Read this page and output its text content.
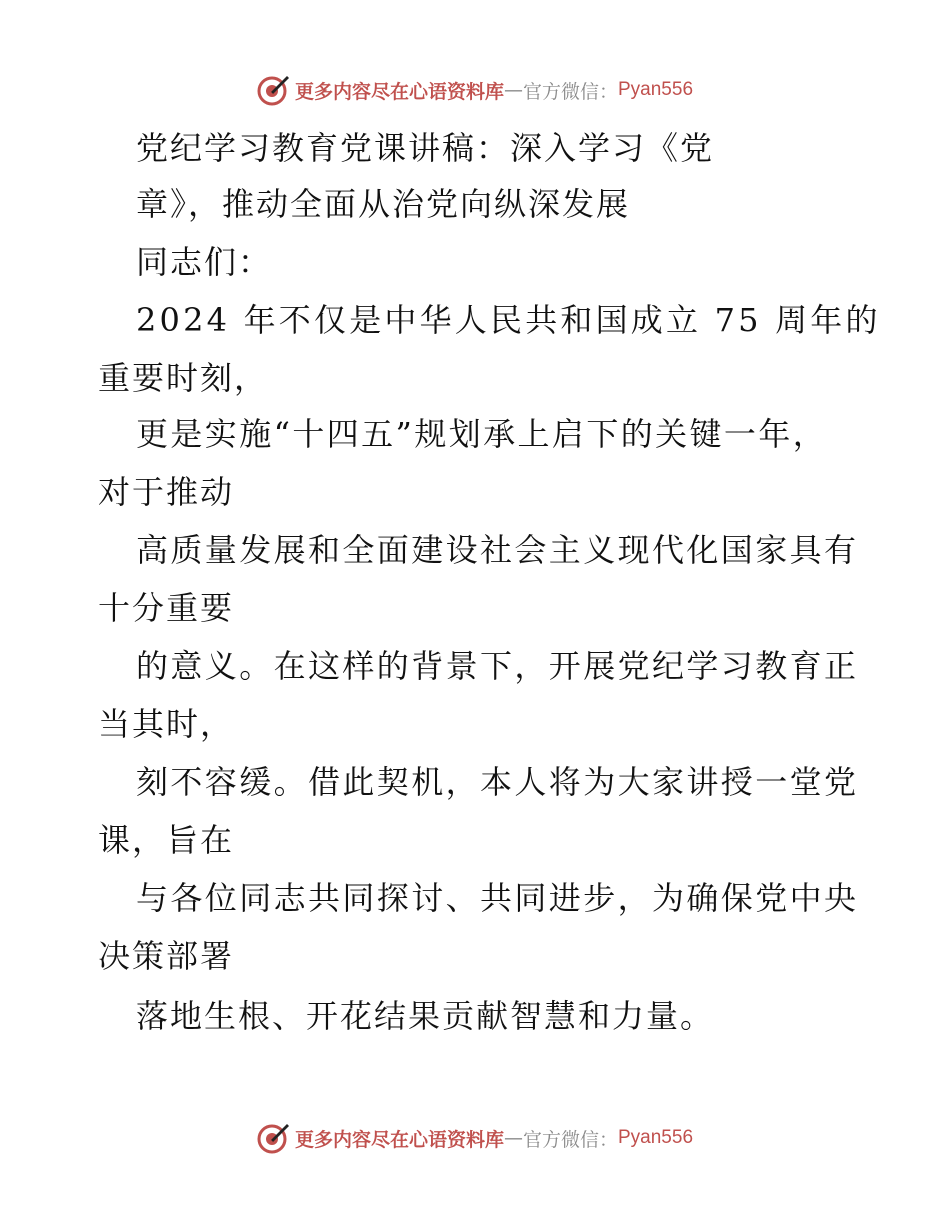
更多内容尽在心语资料库 — 官方微信： Pyan556
党纪学习教育党课讲稿：深入学习《党
章》，推动全面从治党向纵深发展
同志们：
2024 年不仅是中华人民共和国成立 75 周年的
重要时刻，
更是实施“十四五”规划承上启下的关键一年，
对于推动
高质量发展和全面建设社会主义现代化国家具有
十分重要
的意义。在这样的背景下，开展党纪学习教育正
当其时，
刻不容缓。借此契机，本人将为大家讲授一堂党
课，旨在
与各位同志共同探讨、共同进步，为确保党中央
决策部署
落地生根、开花结果贡献智慧和力量。
更多内容尽在心语资料库 — 官方微信： Pyan556
